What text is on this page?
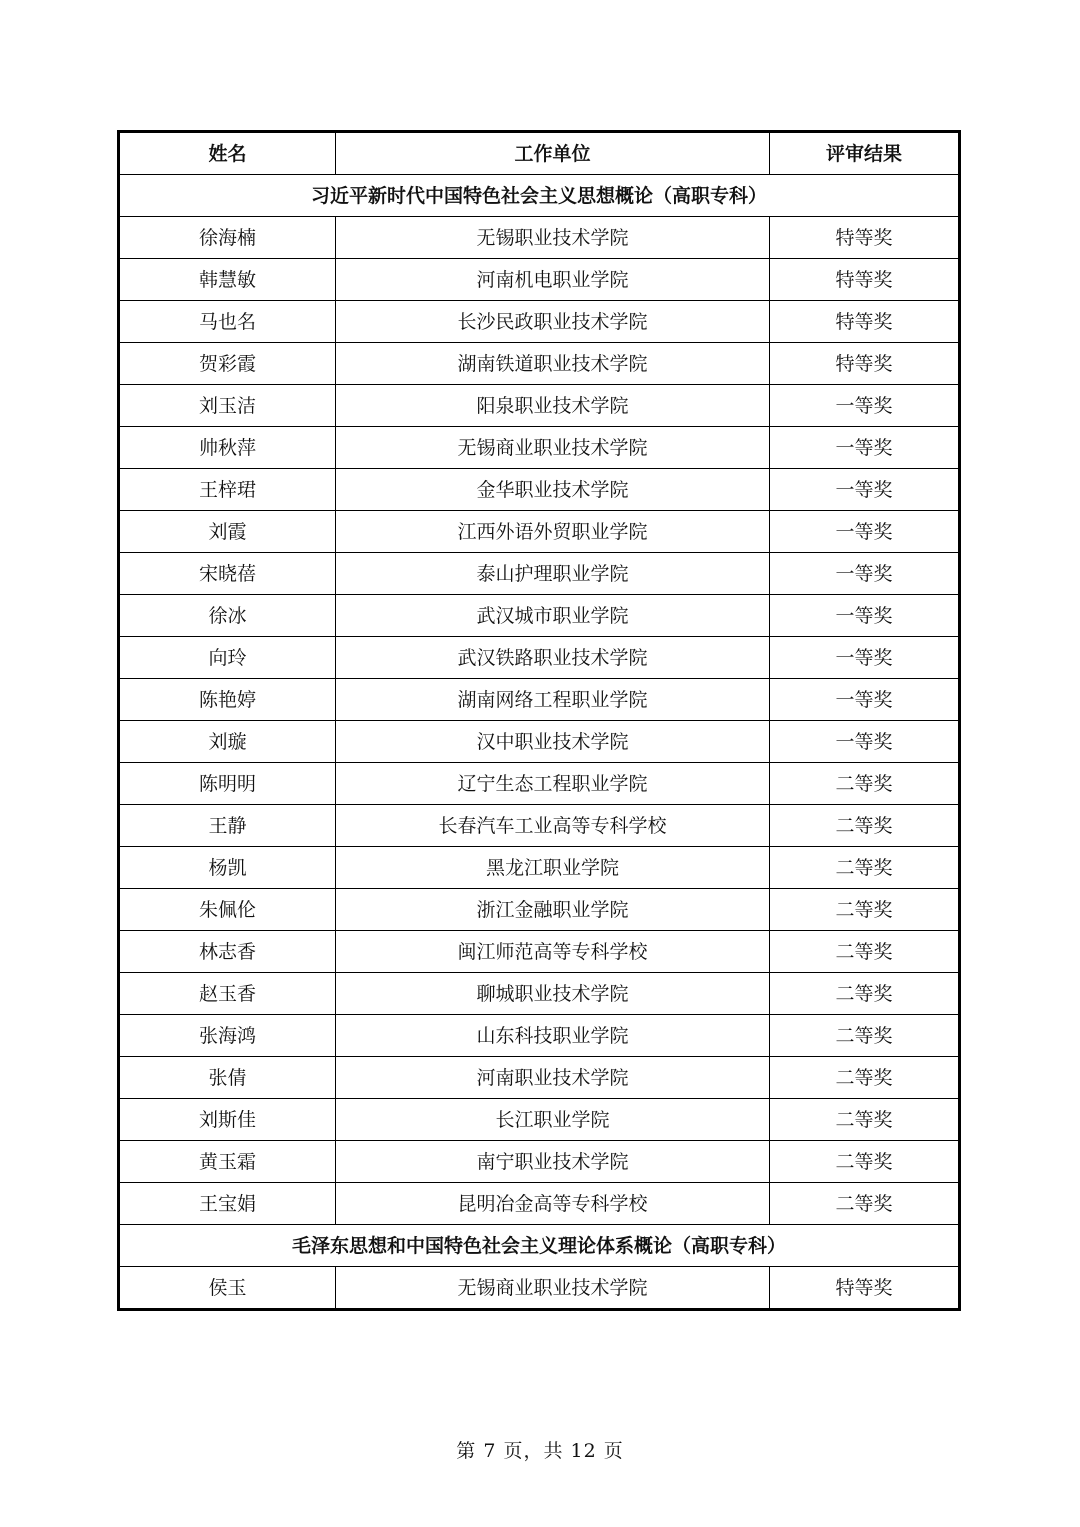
姓名	工作单位	评审结果
习近平新时代中国特色社会主义思想概论（高职专科）		
徐海楠	无锡职业技术学院	特等奖
韩慧敏	河南机电职业学院	特等奖
马也名	长沙民政职业技术学院	特等奖
贺彩霞	湖南铁道职业技术学院	特等奖
刘玉洁	阳泉职业技术学院	一等奖
帅秋萍	无锡商业职业技术学院	一等奖
王梓珺	金华职业技术学院	一等奖
刘霞	江西外语外贸职业学院	一等奖
宋晓蓓	泰山护理职业学院	一等奖
徐冰	武汉城市职业学院	一等奖
向玲	武汉铁路职业技术学院	一等奖
陈艳婷	湖南网络工程职业学院	一等奖
刘璇	汉中职业技术学院	一等奖
陈明明	辽宁生态工程职业学院	二等奖
王静	长春汽车工业高等专科学校	二等奖
杨凯	黑龙江职业学院	二等奖
朱佩伦	浙江金融职业学院	二等奖
林志香	闽江师范高等专科学校	二等奖
赵玉香	聊城职业技术学院	二等奖
张海鸿	山东科技职业学院	二等奖
张倩	河南职业技术学院	二等奖
刘斯佳	长江职业学院	二等奖
黄玉霜	南宁职业技术学院	二等奖
王宝娟	昆明冶金高等专科学校	二等奖
毛泽东思想和中国特色社会主义理论体系概论（高职专科）		
侯玉	无锡商业职业技术学院	特等奖
第 7 页，共 12 页
